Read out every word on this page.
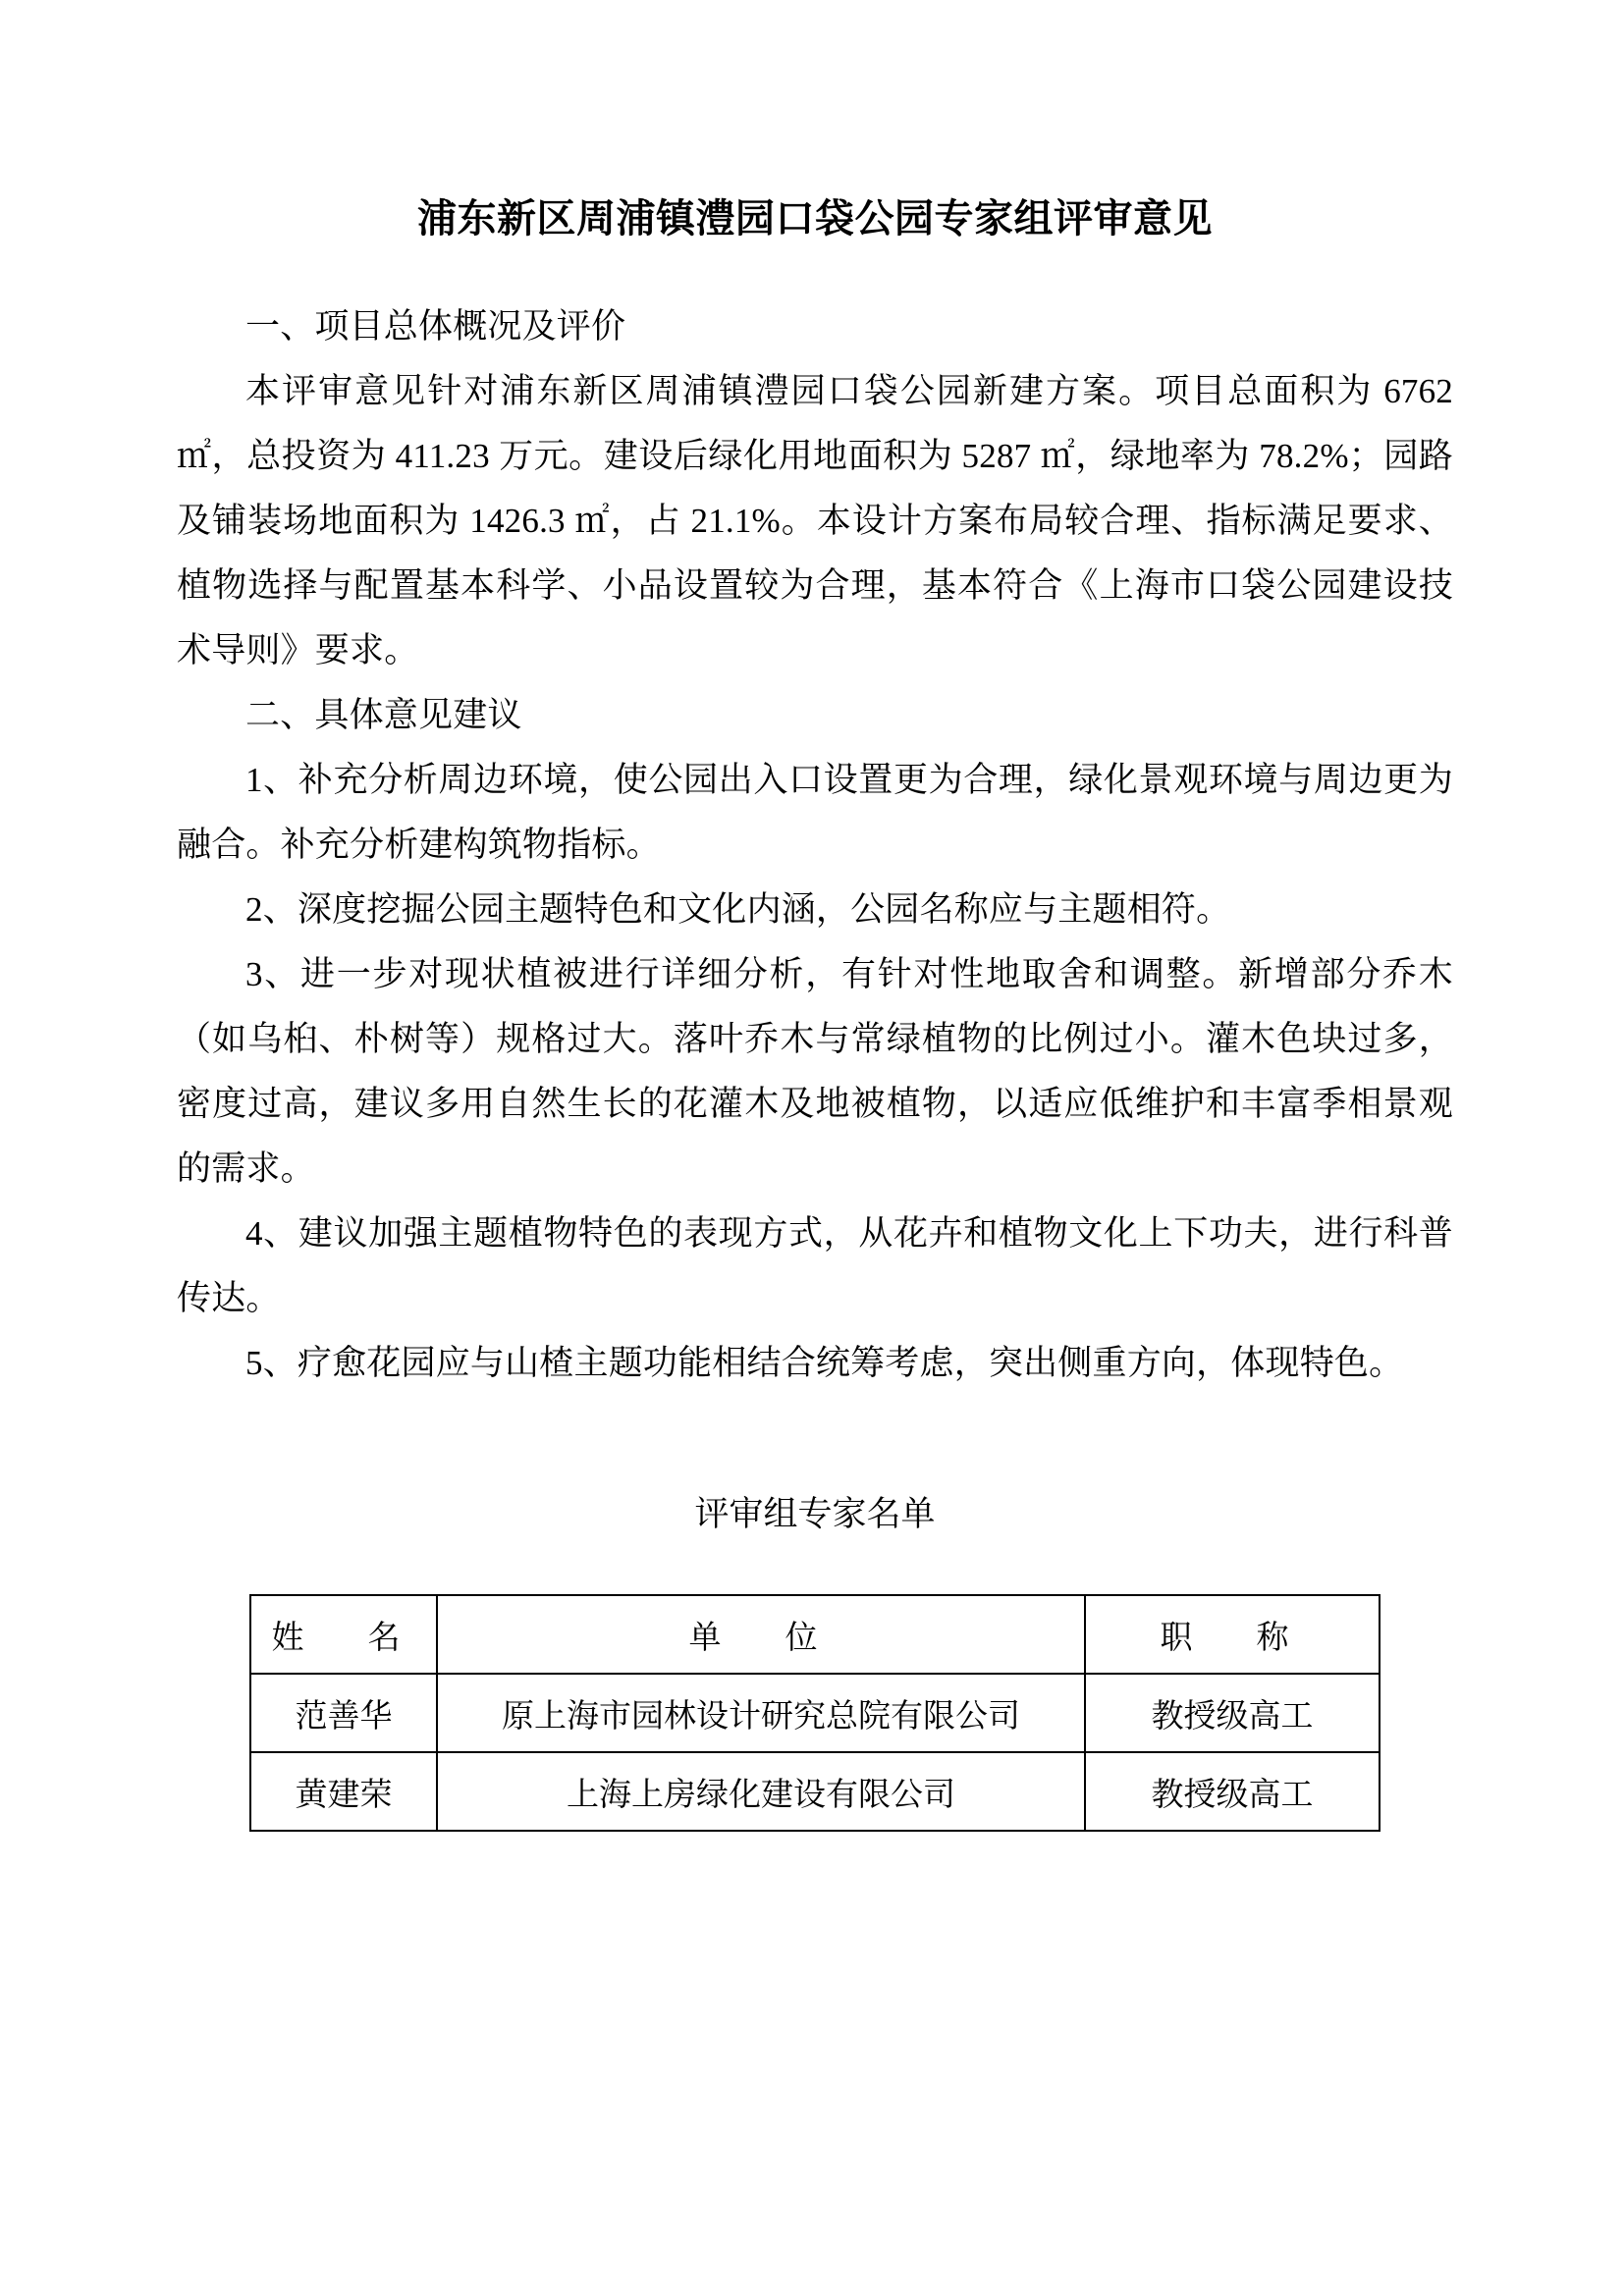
浦东新区周浦镇澧园口袋公园专家组评审意见

一、项目总体概况及评价

本评审意见针对浦东新区周浦镇澧园口袋公园新建方案。项目总面积为 6762 ㎡，总投资为 411.23 万元。建设后绿化用地面积为 5287 ㎡，绿地率为 78.2%；园路及铺装场地面积为 1426.3 ㎡，占 21.1%。本设计方案布局较合理、指标满足要求、植物选择与配置基本科学、小品设置较为合理，基本符合《上海市口袋公园建设技术导则》要求。

二、具体意见建议

1、补充分析周边环境，使公园出入口设置更为合理，绿化景观环境与周边更为融合。补充分析建构筑物指标。

2、深度挖掘公园主题特色和文化内涵，公园名称应与主题相符。

3、进一步对现状植被进行详细分析，有针对性地取舍和调整。新增部分乔木（如乌桕、朴树等）规格过大。落叶乔木与常绿植物的比例过小。灌木色块过多，密度过高，建议多用自然生长的花灌木及地被植物，以适应低维护和丰富季相景观的需求。

4、建议加强主题植物特色的表现方式，从花卉和植物文化上下功夫，进行科普传达。

5、疗愈花园应与山楂主题功能相结合统筹考虑，突出侧重方向，体现特色。

评审组专家名单

姓　名	单　位	职　称
范善华	原上海市园林设计研究总院有限公司	教授级高工
黄建荣	上海上房绿化建设有限公司	教授级高工
